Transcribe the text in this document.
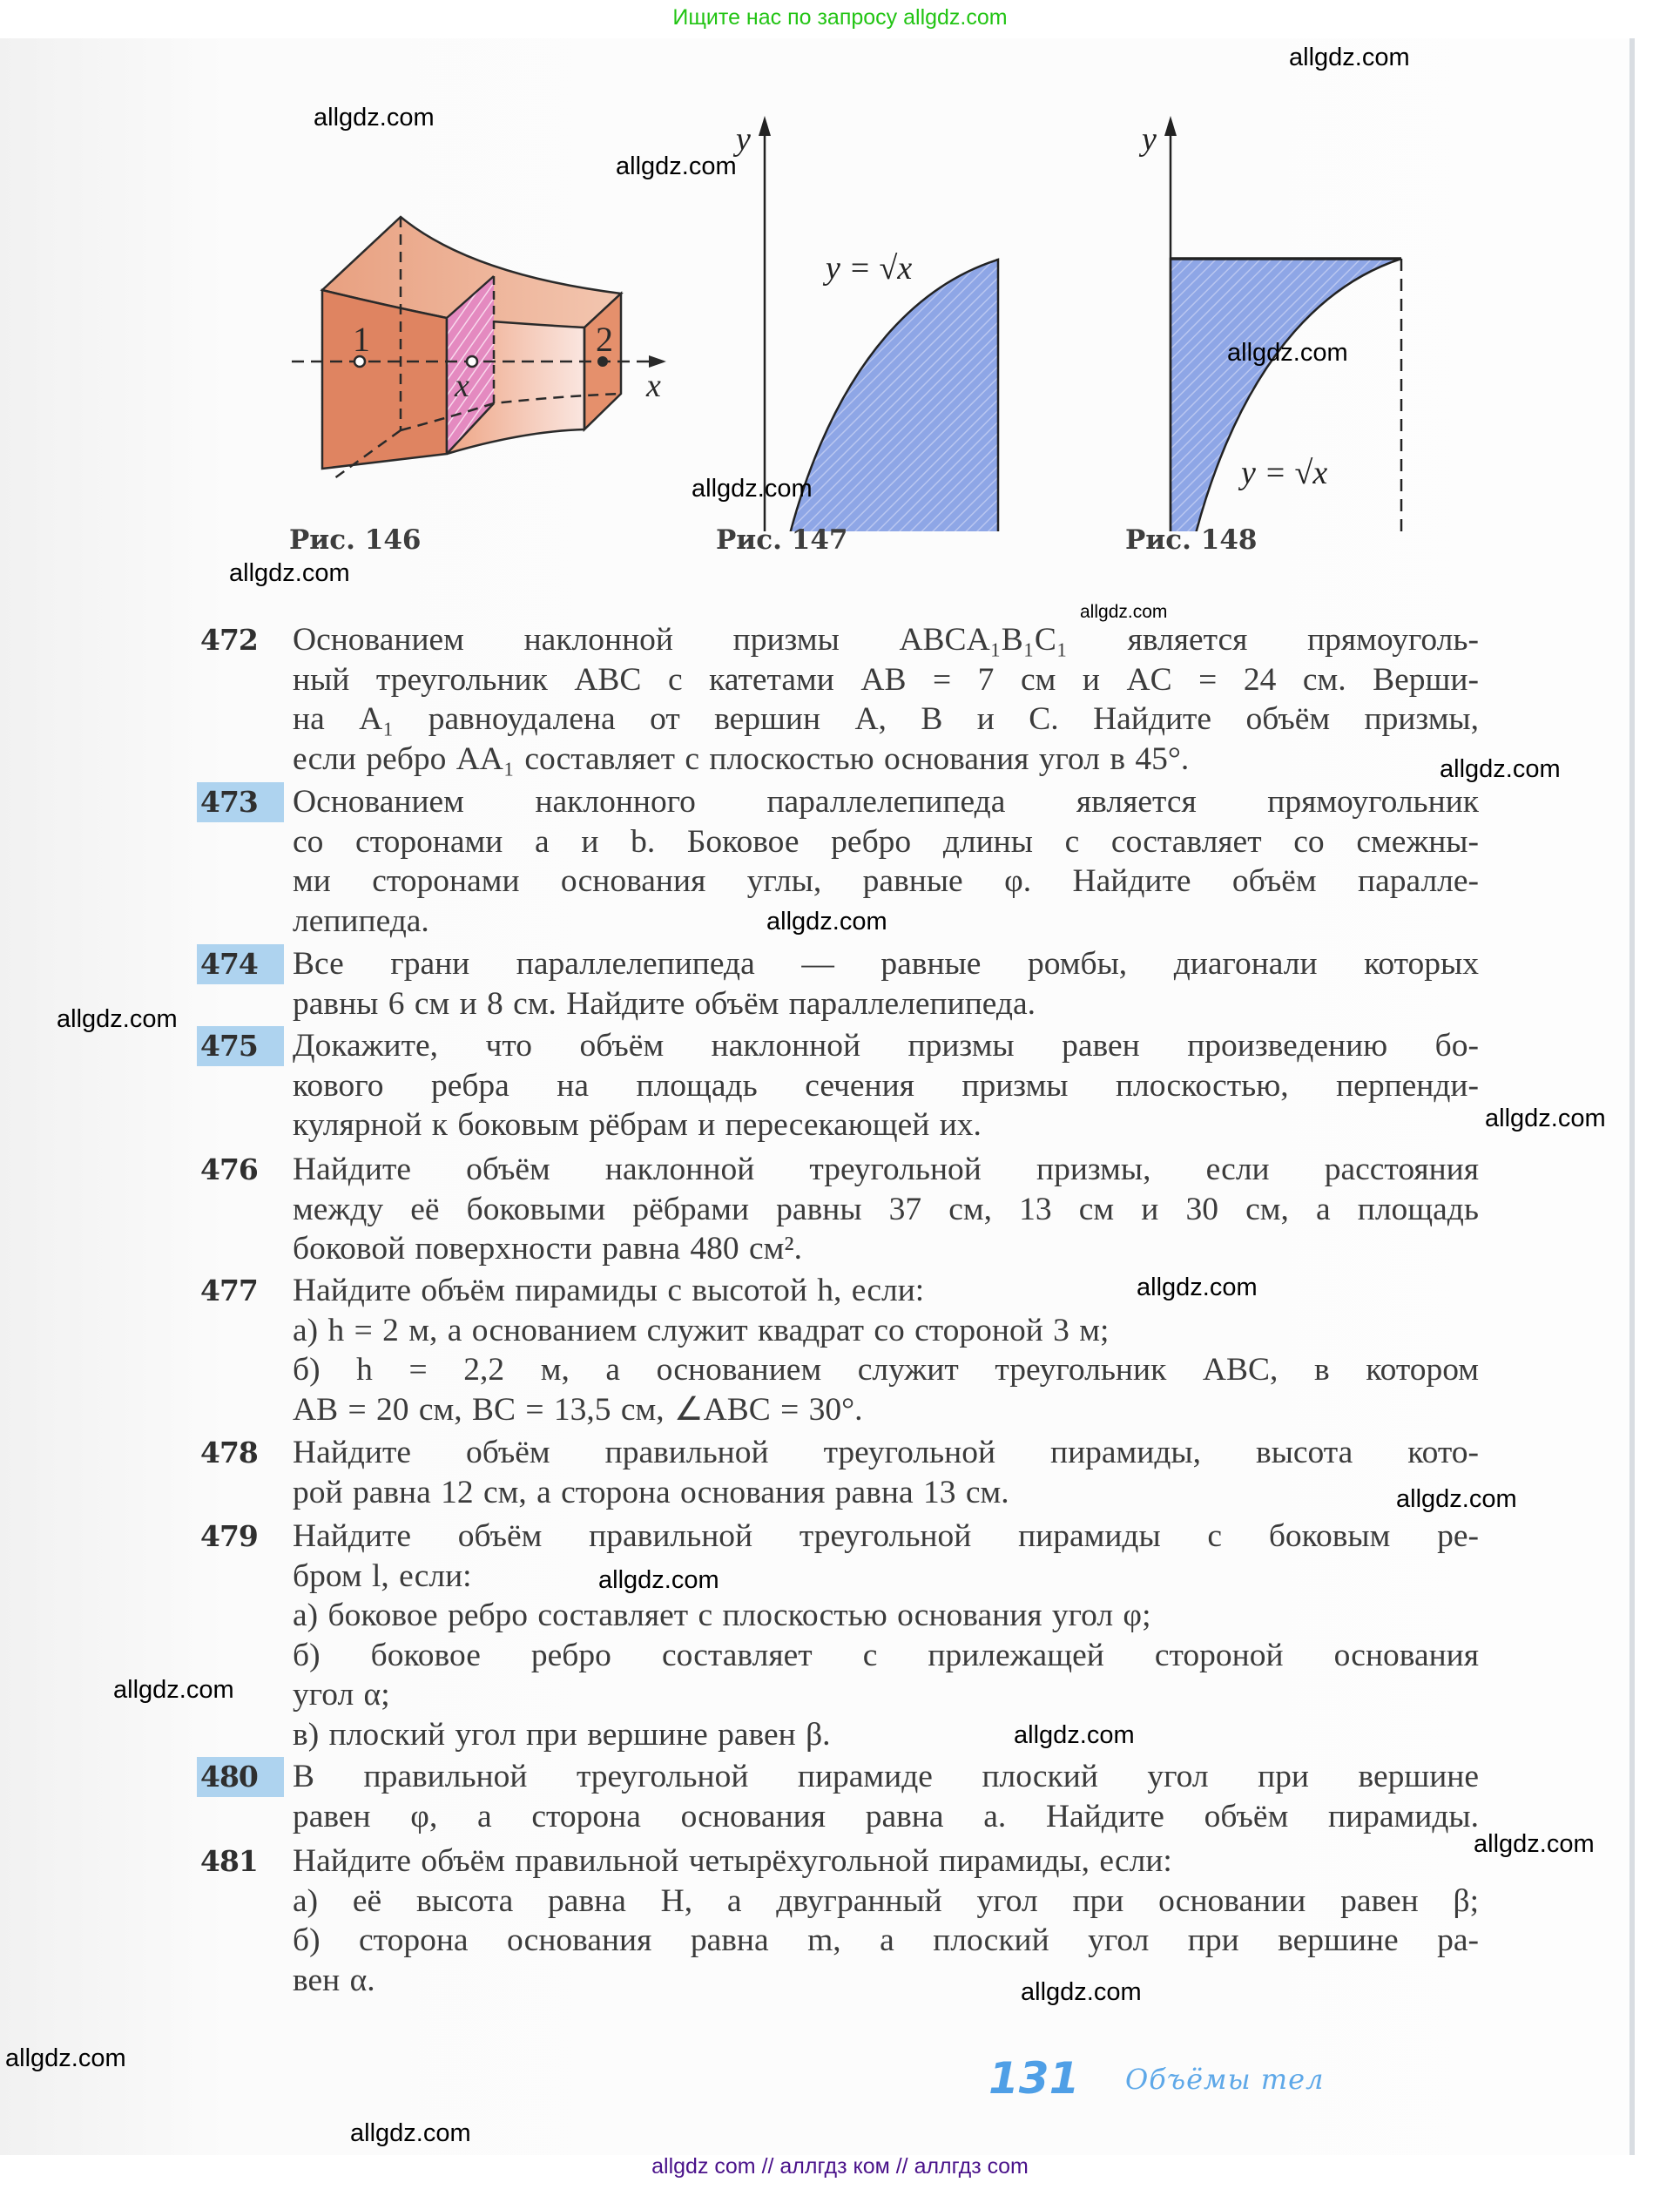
Ищите нас по запросу allgdz.com
1
x
2
x
Рис. 146
y
y = √x
Рис. 147
y
y = √x
Рис. 148
472	Основанием наклонной призмы ABCA₁B₁C₁ является прямоуголь-
ный треугольник ABC с катетами AB = 7 см и AC = 24 см. Верши-
на A₁ равноудалена от вершин A, B и C. Найдите объём призмы,
если ребро AA₁ составляет с плоскостью основания угол в 45°.
473	Основанием наклонного параллелепипеда является прямоугольник
со сторонами a и b. Боковое ребро длины c составляет со смежны-
ми сторонами основания углы, равные φ. Найдите объём паралле-
лепипеда.
474	Все грани параллелепипеда — равные ромбы, диагонали которых
равны 6 см и 8 см. Найдите объём параллелепипеда.
475	Докажите, что объём наклонной призмы равен произведению бо-
кового ребра на площадь сечения призмы плоскостью, перпенди-
кулярной к боковым рёбрам и пересекающей их.
476	Найдите объём наклонной треугольной призмы, если расстояния
между её боковыми рёбрами равны 37 см, 13 см и 30 см, а площадь
боковой поверхности равна 480 см².
477	Найдите объём пирамиды с высотой h, если:
а) h = 2 м, а основанием служит квадрат со стороной 3 м;
б) h = 2,2 м, а основанием служит треугольник ABC, в котором
AB = 20 см, BC = 13,5 см, ∠ABC = 30°.
478	Найдите объём правильной треугольной пирамиды, высота кото-
рой равна 12 см, а сторона основания равна 13 см.
479	Найдите объём правильной треугольной пирамиды с боковым ре-
бром l, если:
а) боковое ребро составляет с плоскостью основания угол φ;
б) боковое ребро составляет с прилежащей стороной основания
угол α;
в) плоский угол при вершине равен β.
480	В правильной треугольной пирамиде плоский угол при вершине
равен φ, а сторона основания равна a. Найдите объём пирамиды.
481	Найдите объём правильной четырёхугольной пирамиды, если:
а) её высота равна H, а двугранный угол при основании равен β;
б) сторона основания равна m, а плоский угол при вершине ра-
вен α.
131 Объёмы тел
allgdz.com
allgdz.com
allgdz.com
allgdz.com
allgdz.com
allgdz.com
allgdz.com
allgdz.com
allgdz.com
allgdz.com
allgdz.com
allgdz.com
allgdz.com
allgdz.com
allgdz.com
allgdz.com
allgdz.com
allgdz.com
allgdz.com
allgdz.com
allgdz com // аллгдз ком // аллгдз com
